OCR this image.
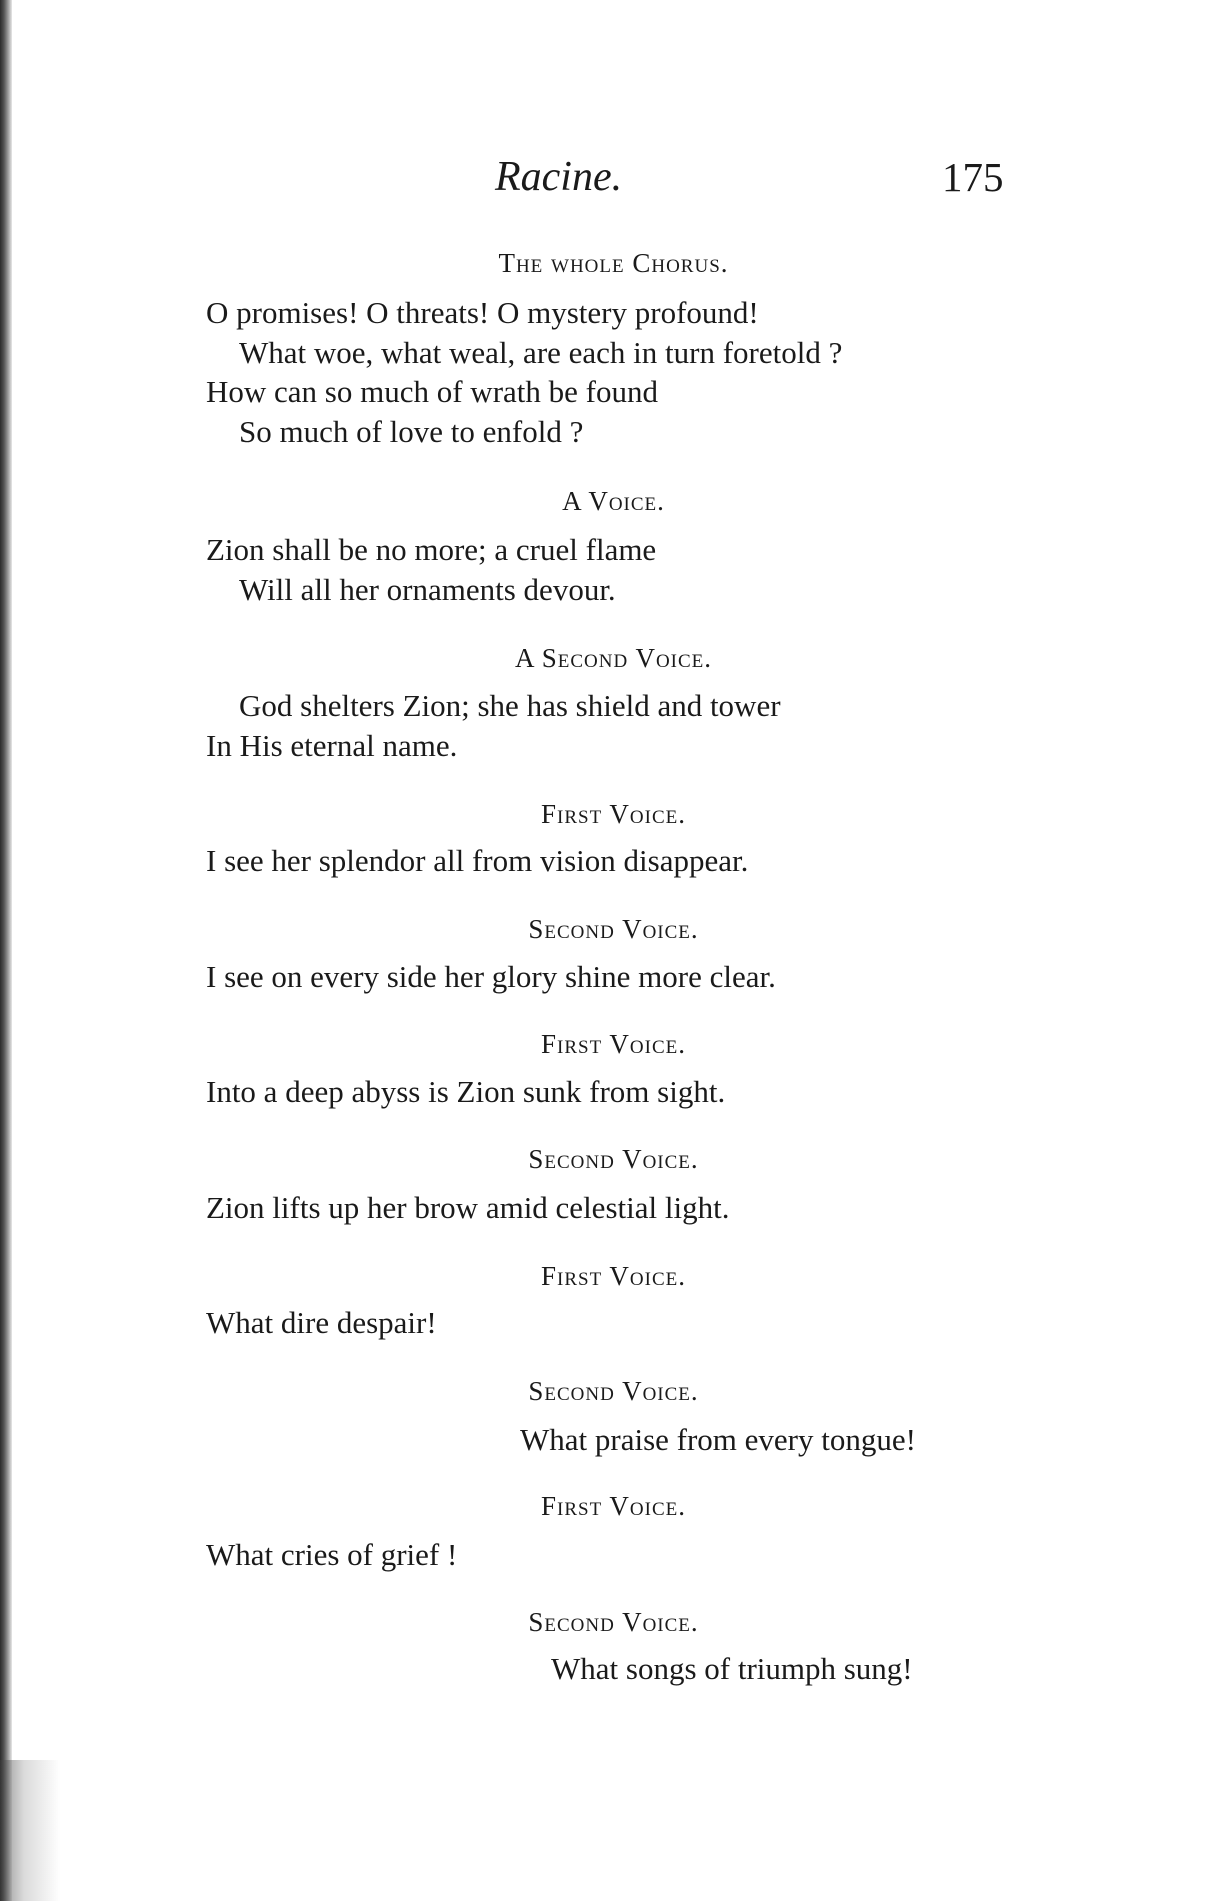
Racine.	175
The whole Chorus.
O promises! O threats! O mystery profound!
What woe, what weal, are each in turn foretold ?
How can so much of wrath be found
So much of love to enfold ?
A Voice.
Zion shall be no more; a cruel flame
Will all her ornaments devour.
A Second Voice.
God shelters Zion; she has shield and tower
In His eternal name.
First Voice.
I see her splendor all from vision disappear.
Second Voice.
I see on every side her glory shine more clear.
First Voice.
Into a deep abyss is Zion sunk from sight.
Second Voice.
Zion lifts up her brow amid celestial light.
First Voice.
What dire despair!
Second Voice.
What praise from every tongue!
First Voice.
What cries of grief !
Second Voice.
What songs of triumph sung!
